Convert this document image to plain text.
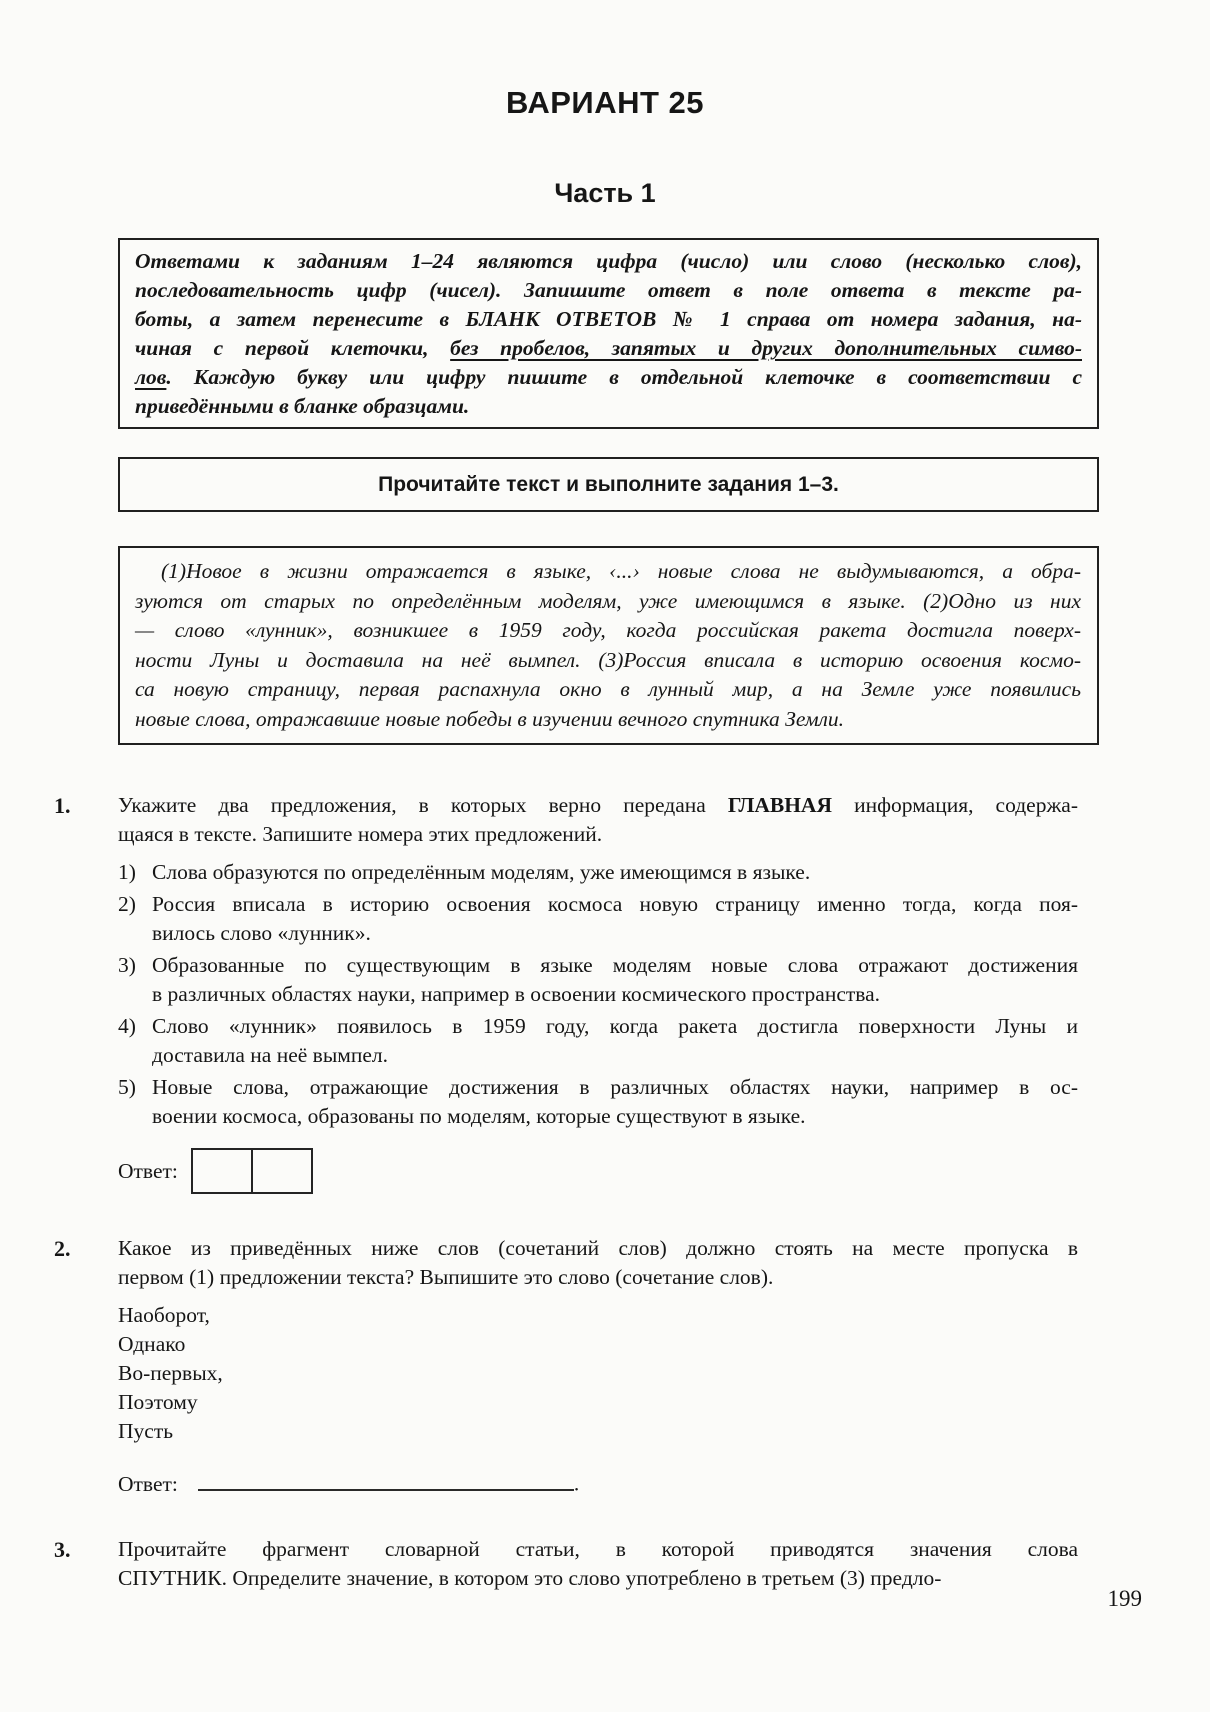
ВАРИАНТ 25
Часть 1
Ответами к заданиям 1–24 являются цифра (число) или слово (несколько слов),
последовательность цифр (чисел). Запишите ответ в поле ответа в тексте ра-
боты, а затем перенесите в БЛАНК ОТВЕТОВ № 1 справа от номера задания, на-
чиная с первой клеточки, без пробелов, запятых и других дополнительных симво-
лов. Каждую букву или цифру пишите в отдельной клеточке в соответствии с
приведёнными в бланке образцами.
Прочитайте текст и выполните задания 1–3.
(1)Новое в жизни отражается в языке, ‹...› новые слова не выдумываются, а обра-
зуются от старых по определённым моделям, уже имеющимся в языке. (2)Одно из них
— слово «лунник», возникшее в 1959 году, когда российская ракета достигла поверх-
ности Луны и доставила на неё вымпел. (3)Россия вписала в историю освоения космо-
са новую страницу, первая распахнула окно в лунный мир, а на Земле уже появились
новые слова, отражавшие новые победы в изучении вечного спутника Земли.
1. Укажите два предложения, в которых верно передана ГЛАВНАЯ информация, содержа-
щаяся в тексте. Запишите номера этих предложений.
1) Слова образуются по определённым моделям, уже имеющимся в языке.
2) Россия вписала в историю освоения космоса новую страницу именно тогда, когда поя-
вилось слово «лунник».
3) Образованные по существующим в языке моделям новые слова отражают достижения
в различных областях науки, например в освоении космического пространства.
4) Слово «лунник» появилось в 1959 году, когда ракета достигла поверхности Луны и
доставила на неё вымпел.
5) Новые слова, отражающие достижения в различных областях науки, например в ос-
воении космоса, образованы по моделям, которые существуют в языке.
Ответ:
2. Какое из приведённых ниже слов (сочетаний слов) должно стоять на месте пропуска в
первом (1) предложении текста? Выпишите это слово (сочетание слов).
Наоборот,
Однако
Во-первых,
Поэтому
Пусть
Ответ:	.
3. Прочитайте фрагмент словарной статьи, в которой приводятся значения слова
СПУТНИК. Определите значение, в котором это слово употреблено в третьем (3) предло-
199
